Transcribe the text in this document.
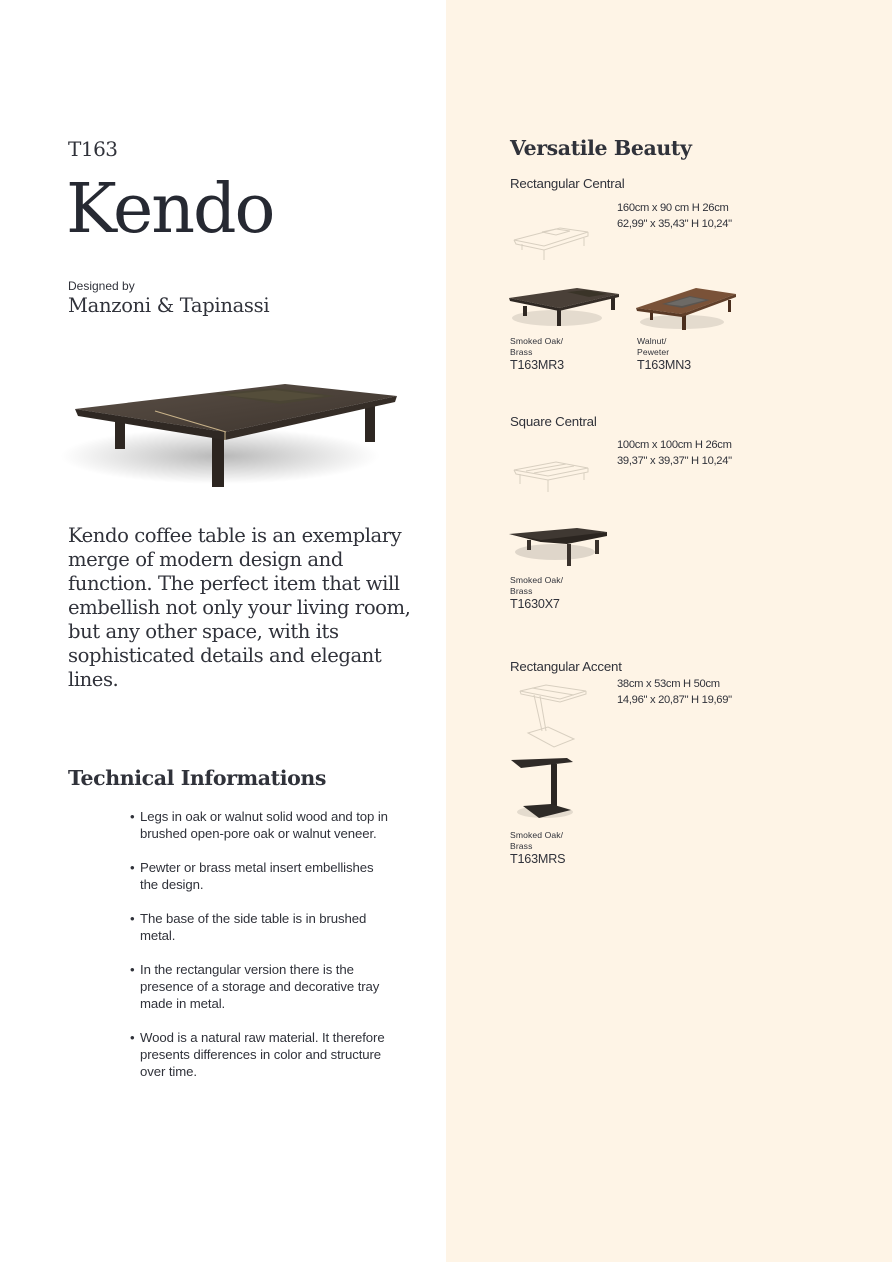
T163
Kendo
Designed by
Manzoni & Tapinassi

Kendo coffee table is an exemplary merge of modern design and function. The perfect item that will embellish not only your living room, but any other space, with its sophisticated details and elegant lines.

Technical Informations
• Legs in oak or walnut solid wood and top in brushed open-pore oak or walnut veneer.
• Pewter or brass metal insert embellishes the design.
• The base of the side table is in brushed metal.
• In the rectangular version there is the presence of a storage and decorative tray made in metal.
• Wood is a natural raw material. It therefore presents differences in color and structure over time.
Versatile Beauty
Rectangular Central
160cm x 90 cm H 26cm
62,99" x 35,43" H 10,24"
Smoked Oak/
Brass
T163MR3
Walnut/
Peweter
T163MN3
Square Central
100cm x 100cm H 26cm
39,37" x 39,37" H 10,24"
Smoked Oak/
Brass
T1630X7
Rectangular Accent
38cm x 53cm H 50cm
14,96" x 20,87" H 19,69"
Smoked Oak/
Brass
T163MRS
